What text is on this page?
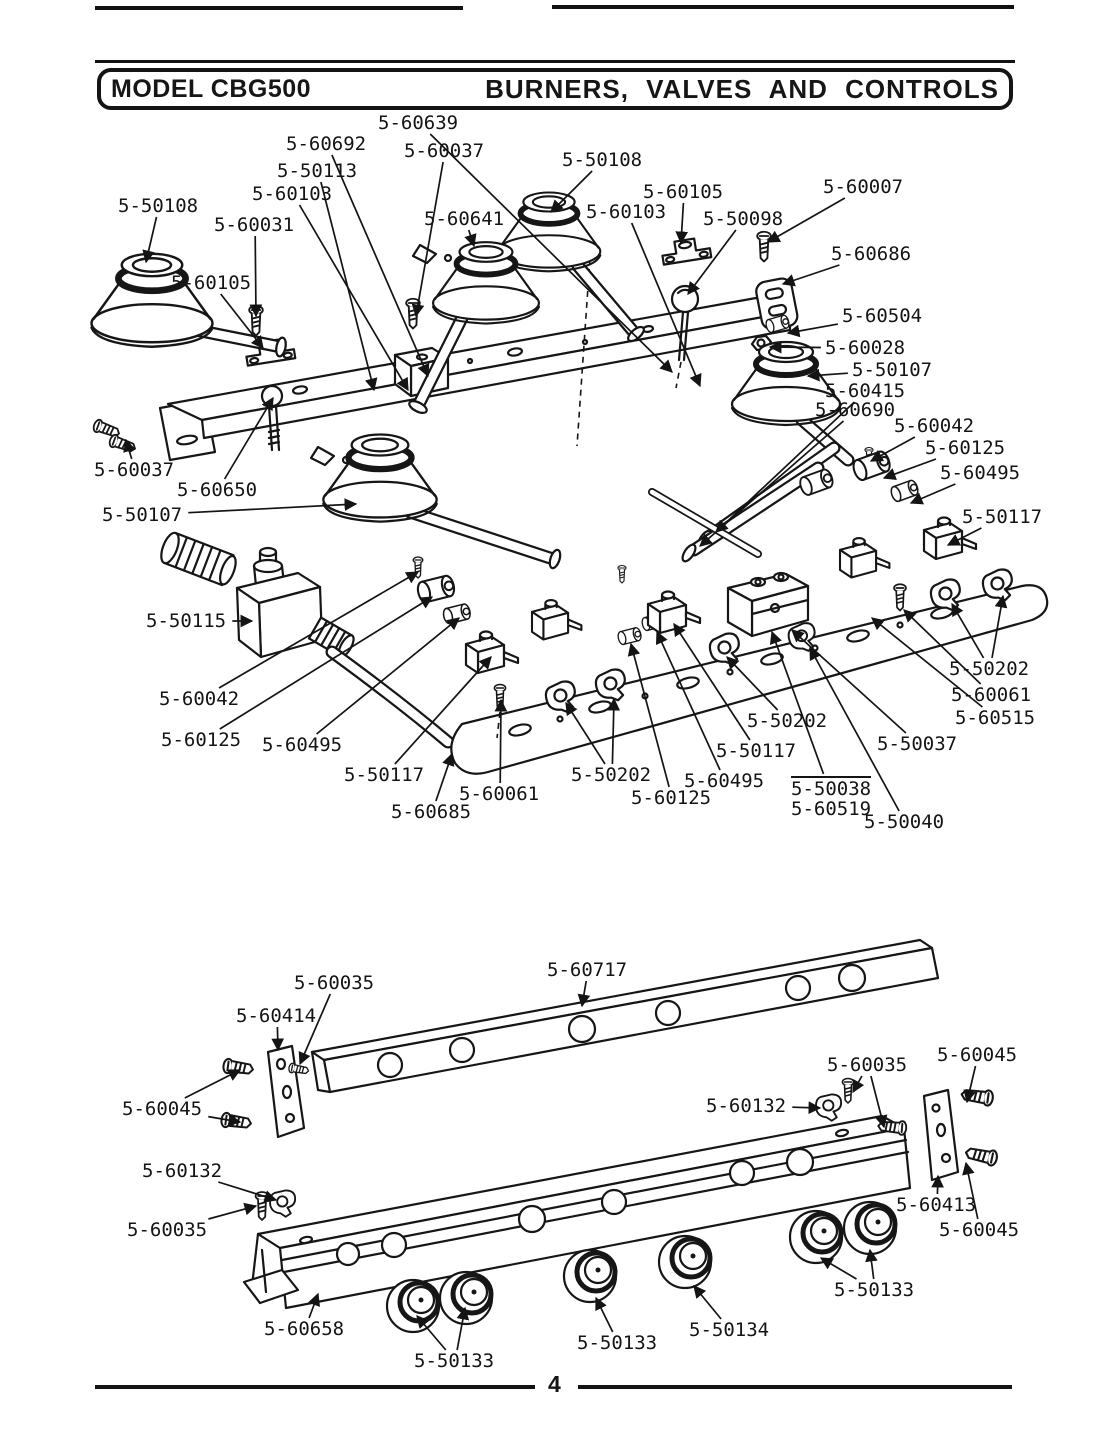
MODEL CBG500	BURNERS, VALVES AND CONTROLS
5-60639
5-60692 5-60037
5-50113	5-50108
5-60103	5-60105	5-60007
5-50108	5-60103 5-50098
5-60031	5-60641
5-60686
5-60105
5-60504
5-60028
5-50107
5-60415
5-60690
5-60042
5-60125
5-60495
5-50117
5-60037
5-60650
5-50107
5-50115
5-60042
5-60125 5-60495
5-50117
5-60061
5-60685
5-50202
5-60125
5-60495
5-50117
5-50202
5-50037
5-50038
5-60519
5-50040
5-50202
5-60061
5-60515
5-60717
5-60035
5-60414
5-60045
5-60035 5-60045
5-60132
5-60413
5-60045
5-50133
5-60132
5-60035
5-60658
5-50133
5-50133
5-50134
4
